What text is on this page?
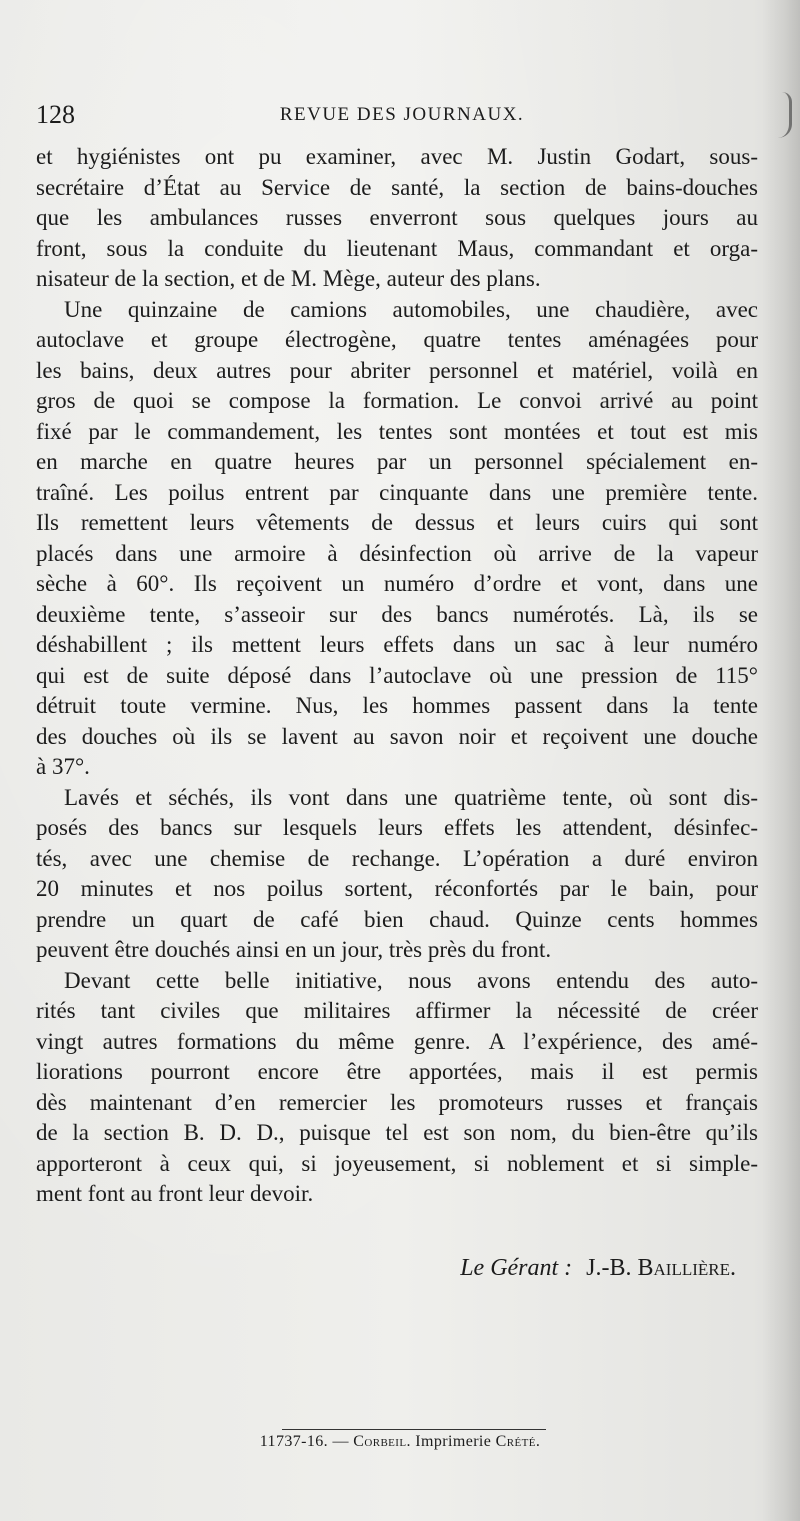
128	REVUE DES JOURNAUX.
et hygiénistes ont pu examiner, avec M. Justin Godart, sous-
secrétaire d’État au Service de santé, la section de bains-douches
que les ambulances russes enverront sous quelques jours au
front, sous la conduite du lieutenant Maus, commandant et orga-
nisateur de la section, et de M. Mège, auteur des plans.
Une quinzaine de camions automobiles, une chaudière, avec
autoclave et groupe électrogène, quatre tentes aménagées pour
les bains, deux autres pour abriter personnel et matériel, voilà en
gros de quoi se compose la formation. Le convoi arrivé au point
fixé par le commandement, les tentes sont montées et tout est mis
en marche en quatre heures par un personnel spécialement en-
traîné. Les poilus entrent par cinquante dans une première tente.
Ils remettent leurs vêtements de dessus et leurs cuirs qui sont
placés dans une armoire à désinfection où arrive de la vapeur
sèche à 60°. Ils reçoivent un numéro d’ordre et vont, dans une
deuxième tente, s’asseoir sur des bancs numérotés. Là, ils se
déshabillent ; ils mettent leurs effets dans un sac à leur numéro
qui est de suite déposé dans l’autoclave où une pression de 115°
détruit toute vermine. Nus, les hommes passent dans la tente
des douches où ils se lavent au savon noir et reçoivent une douche
à 37°.
Lavés et séchés, ils vont dans une quatrième tente, où sont dis-
posés des bancs sur lesquels leurs effets les attendent, désinfec-
tés, avec une chemise de rechange. L’opération a duré environ
20 minutes et nos poilus sortent, réconfortés par le bain, pour
prendre un quart de café bien chaud. Quinze cents hommes
peuvent être douchés ainsi en un jour, très près du front.
Devant cette belle initiative, nous avons entendu des auto-
rités tant civiles que militaires affirmer la nécessité de créer
vingt autres formations du même genre. A l’expérience, des amé-
liorations pourront encore être apportées, mais il est permis
dès maintenant d’en remercier les promoteurs russes et français
de la section B. D. D., puisque tel est son nom, du bien-être qu’ils
apporteront à ceux qui, si joyeusement, si noblement et si simple-
ment font au front leur devoir.
Le Gérant : J.-B. Baillière.
11737-16. — Corbeil. Imprimerie Crété.
